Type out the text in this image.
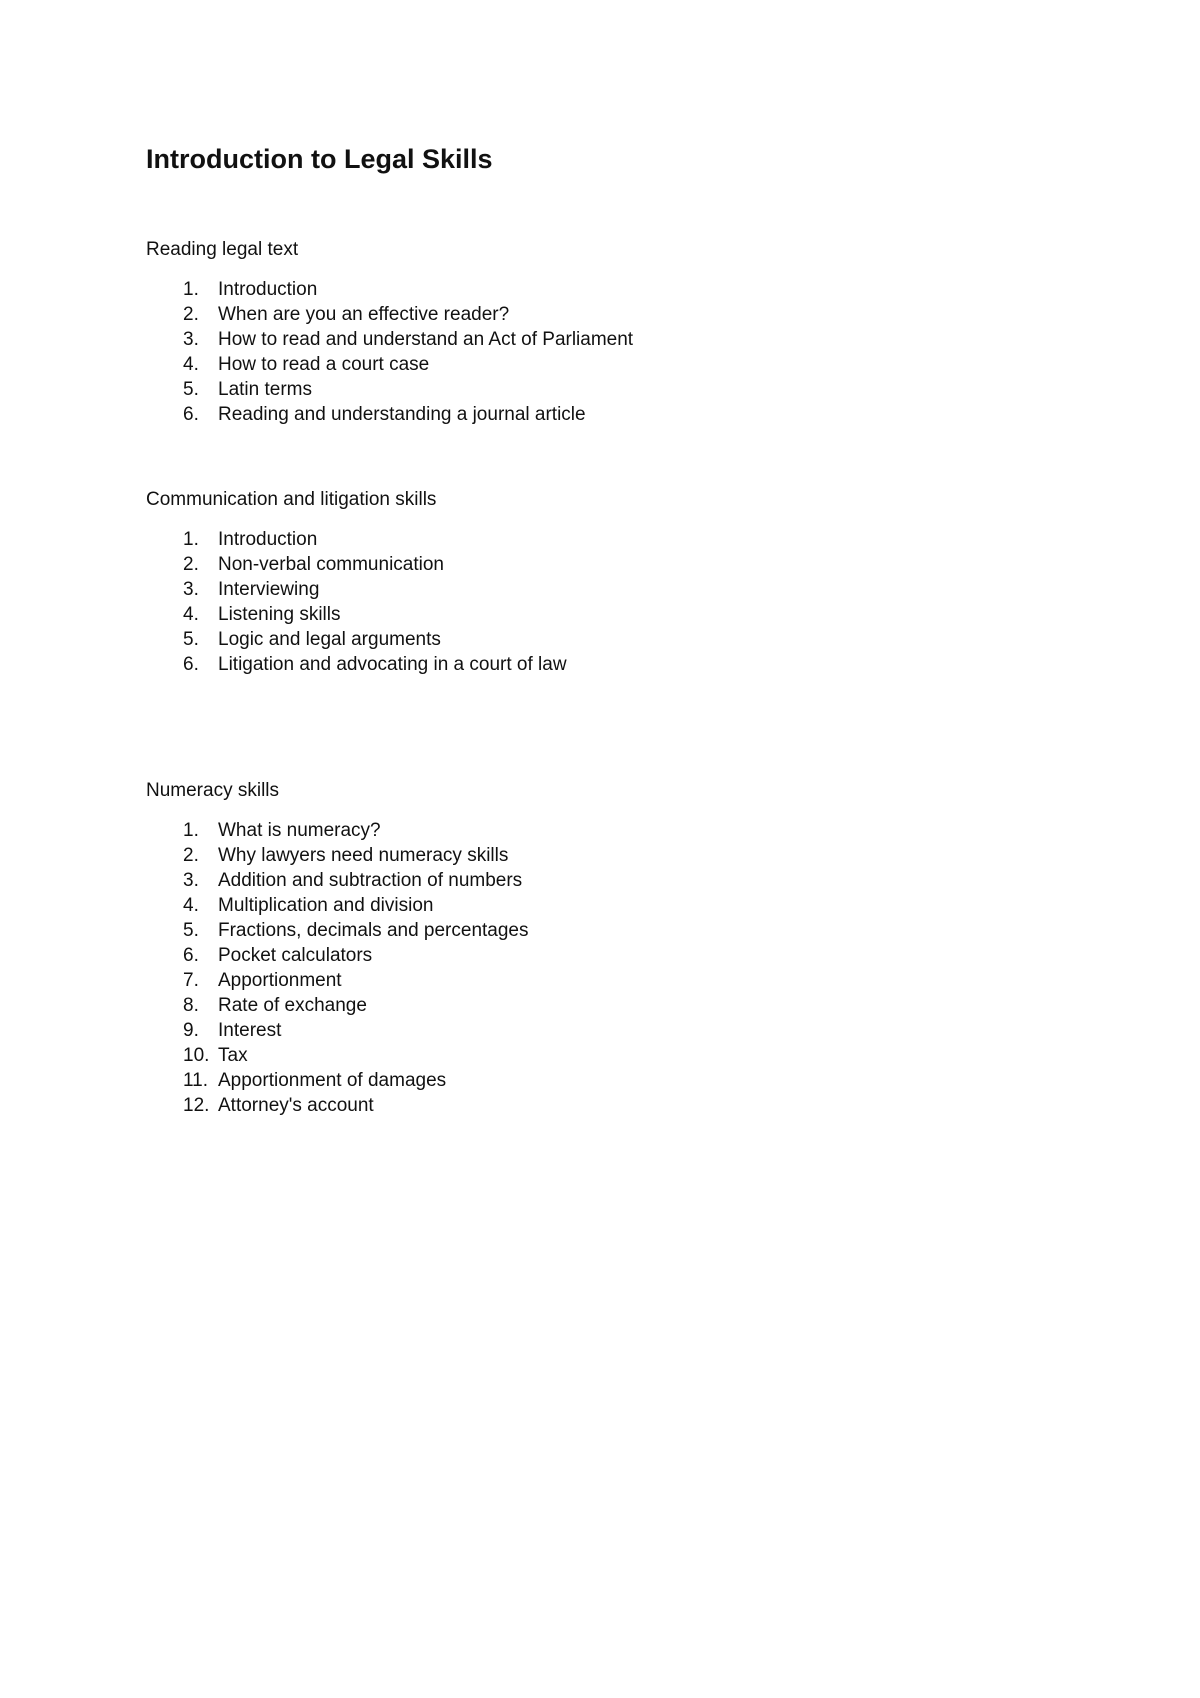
Introduction to Legal Skills
Reading legal text
1.	Introduction
2.	When are you an effective reader?
3.	How to read and understand an Act of Parliament
4.	How to read a court case
5.	Latin terms
6.	Reading and understanding a journal article
Communication and litigation skills
1.	Introduction
2.	Non-verbal communication
3.	Interviewing
4.	Listening skills
5.	Logic and legal arguments
6.	Litigation and advocating in a court of law
Numeracy skills
1.	What is numeracy?
2.	Why lawyers need numeracy skills
3.	Addition and subtraction of numbers
4.	Multiplication and division
5.	Fractions, decimals and percentages
6.	Pocket calculators
7.	Apportionment
8.	Rate of exchange
9.	Interest
10. Tax
11. Apportionment of damages
12. Attorney's account
